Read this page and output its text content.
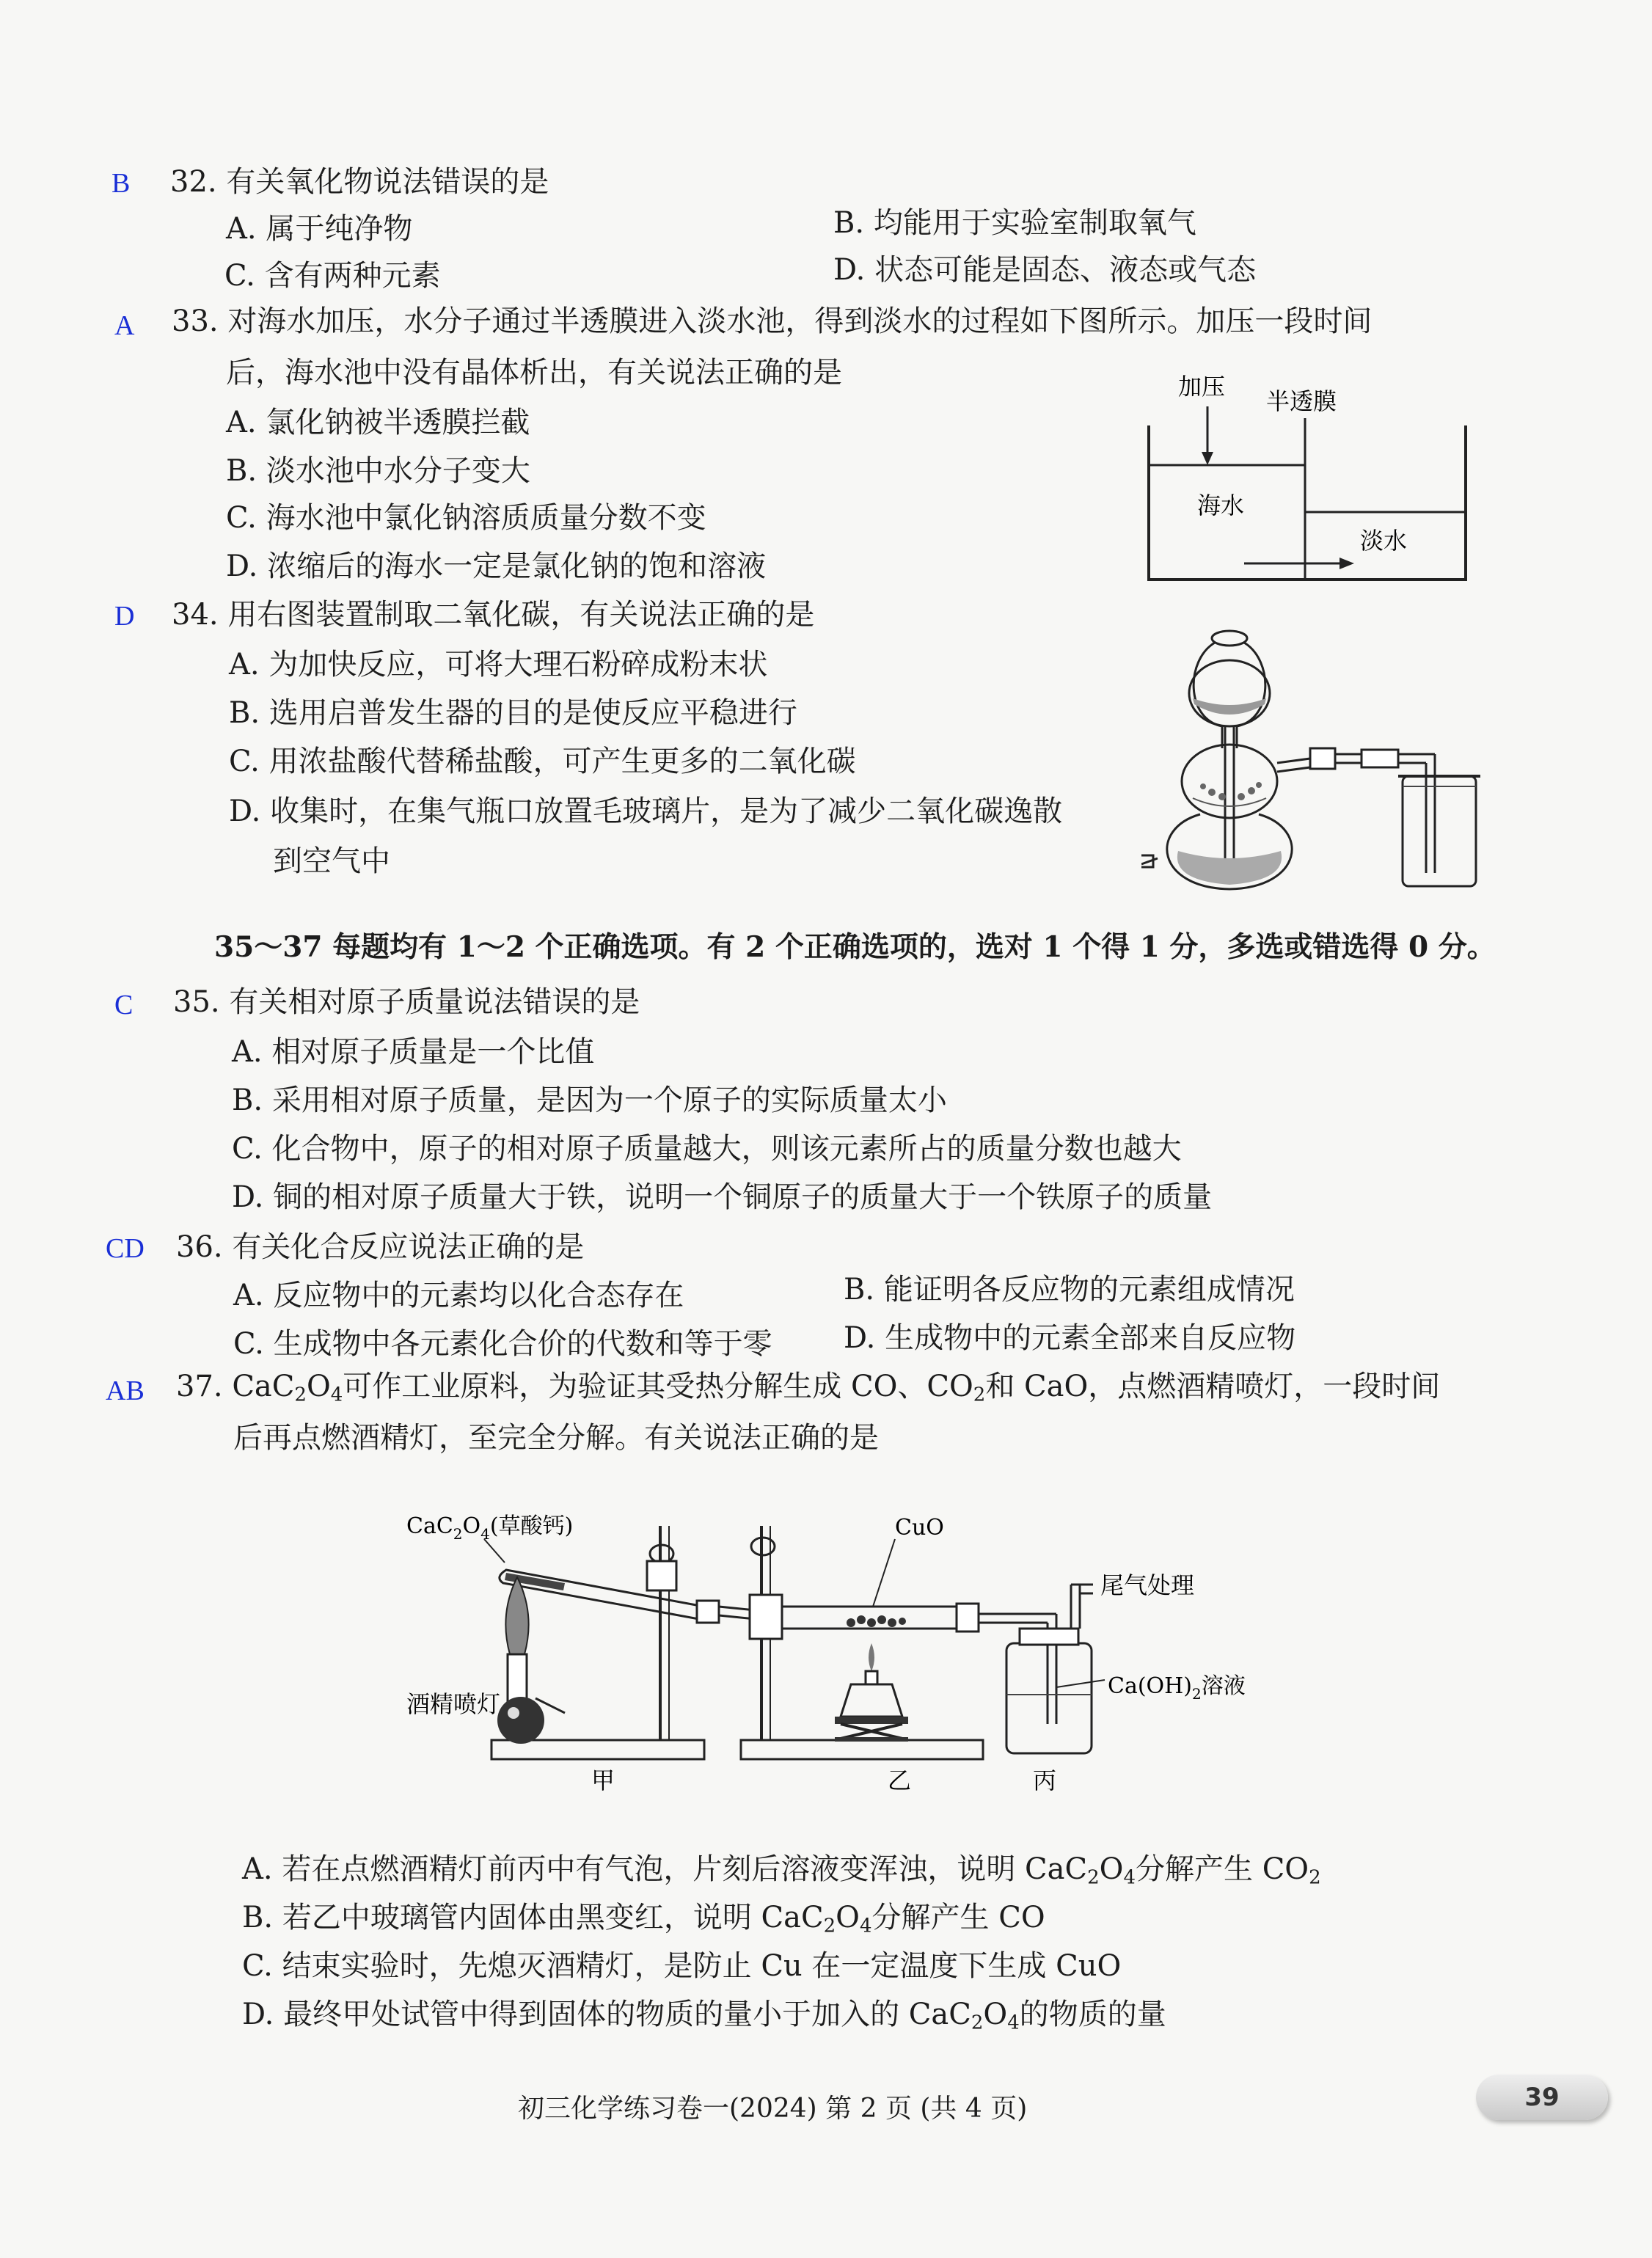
B 32. 有关氧化物说法错误的是
A. 属于纯净物	B. 均能用于实验室制取氧气
C. 含有两种元素	D. 状态可能是固态、液态或气态
A 33. 对海水加压，水分子通过半透膜进入淡水池，得到淡水的过程如下图所示。加压一段时间
后，海水池中没有晶体析出，有关说法正确的是
A. 氯化钠被半透膜拦截
B. 淡水池中水分子变大
C. 海水池中氯化钠溶质质量分数不变
D. 浓缩后的海水一定是氯化钠的饱和溶液
加压
半透膜
海水
淡水
D 34. 用右图装置制取二氧化碳，有关说法正确的是
A. 为加快反应，可将大理石粉碎成粉末状
B. 选用启普发生器的目的是使反应平稳进行
C. 用浓盐酸代替稀盐酸，可产生更多的二氧化碳
D. 收集时，在集气瓶口放置毛玻璃片，是为了减少二氧化碳逸散
到空气中
35～37 每题均有 1～2 个正确选项。有 2 个正确选项的，选对 1 个得 1 分，多选或错选得 0 分。
C 35. 有关相对原子质量说法错误的是
A. 相对原子质量是一个比值
B. 采用相对原子质量，是因为一个原子的实际质量太小
C. 化合物中，原子的相对原子质量越大，则该元素所占的质量分数也越大
D. 铜的相对原子质量大于铁，说明一个铜原子的质量大于一个铁原子的质量
CD 36. 有关化合反应说法正确的是
A. 反应物中的元素均以化合态存在	B. 能证明各反应物的元素组成情况
C. 生成物中各元素化合价的代数和等于零 D. 生成物中的元素全部来自反应物
AB 37. $CaC_2O_4$可作工业原料，为验证其受热分解生成 CO、$CO_2$和 CaO，点燃酒精喷灯，一段时间
后再点燃酒精灯，至完全分解。有关说法正确的是
$CaC_2O_4$(草酸钙)	CuO
尾气处理
酒精喷灯
$Ca(OH)_2$溶液
甲	乙	丙
A. 若在点燃酒精灯前丙中有气泡，片刻后溶液变浑浊，说明 $CaC_2O_4$分解产生 $CO_2$
B. 若乙中玻璃管内固体由黑变红，说明 $CaC_2O_4$分解产生 CO
C. 结束实验时，先熄灭酒精灯，是防止 Cu 在一定温度下生成 CuO
D. 最终甲处试管中得到固体的物质的量小于加入的 $CaC_2O_4$的物质的量
初三化学练习卷一(2024) 第 2 页 (共 4 页)	39
